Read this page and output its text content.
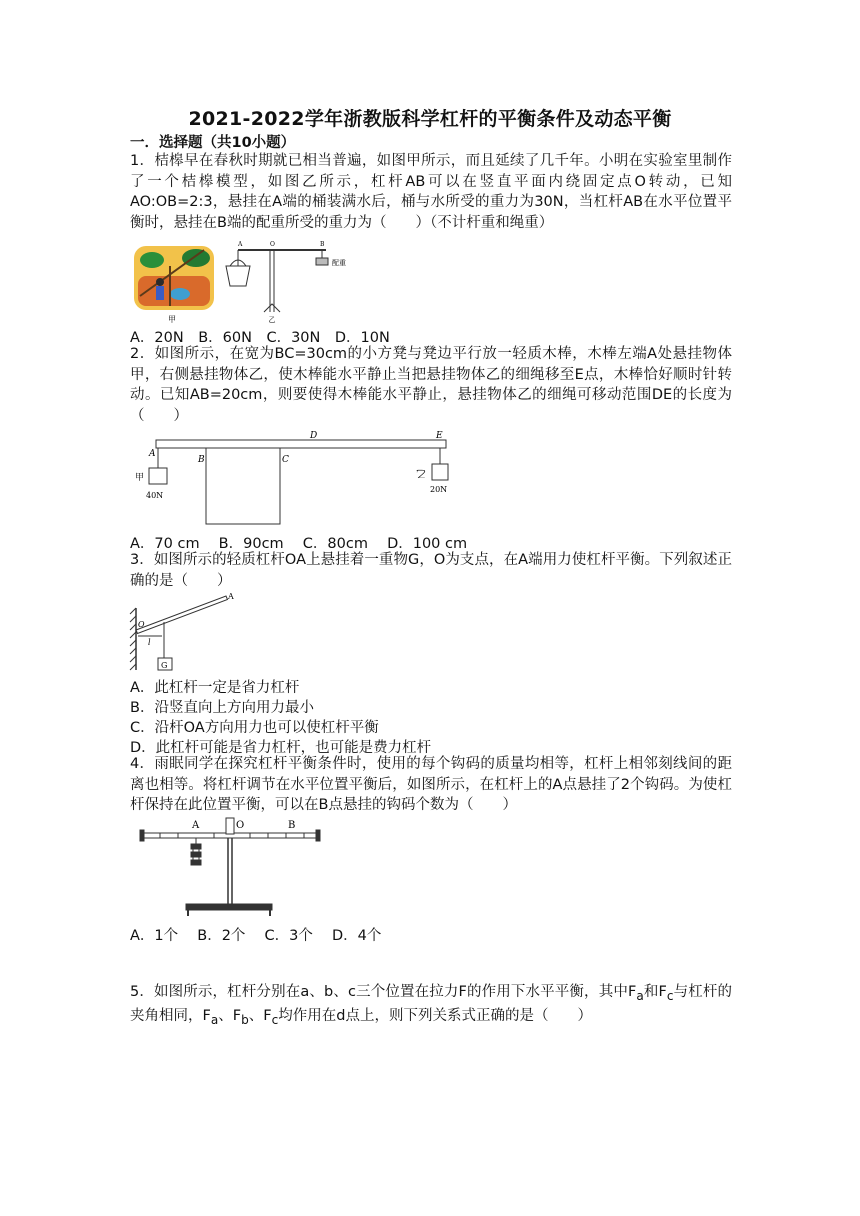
2021-2022学年浙教版科学杠杆的平衡条件及动态平衡
一．选择题（共10小题）
1．桔槔早在春秋时期就已相当普遍，如图甲所示，而且延续了几千年。小明在实验室里制作了一个桔槔模型，如图乙所示，杠杆AB可以在竖直平面内绕固定点O转动，已知AO:OB=2:3，悬挂在A端的桶装满水后，桶与水所受的重力为30N，当杠杆AB在水平位置平衡时，悬挂在B端的配重所受的重力为（　　）（不计杆重和绳重）
甲
A	O	B
配重
乙
A．20N　B．60N　C．30N　D．10N
2．如图所示，在宽为BC=30cm的小方凳与凳边平行放一轻质木棒，木棒左端A处悬挂物体甲，右侧悬挂物体乙，使木棒能水平静止当把悬挂物体乙的细绳移至E点，木棒恰好顺时针转动。已知AB=20cm，则要使得木棒能水平静止，悬挂物体乙的细绳可移动范围DE的长度为（　　）
A
B	C
D	E
甲
40N
乙
20N
A．70 cm　 B．90cm　 C．80cm　 D．100 cm
3．如图所示的轻质杠杆OA上悬挂着一重物G，O为支点，在A端用力使杠杆平衡。下列叙述正确的是（　　）
A
O
l
G
A．此杠杆一定是省力杠杆
B．沿竖直向上方向用力最小
C．沿杆OA方向用力也可以使杠杆平衡
D．此杠杆可能是省力杠杆，也可能是费力杠杆
4．雨眠同学在探究杠杆平衡条件时，使用的每个钩码的质量均相等，杠杆上相邻刻线间的距离也相等。将杠杆调节在水平位置平衡后，如图所示，在杠杆上的A点悬挂了2个钩码。为使杠杆保持在此位置平衡，可以在B点悬挂的钩码个数为（　　）
A	O	B
A．1个　 B．2个　 C．3个　 D．4个
5．如图所示，杠杆分别在a、b、c三个位置在拉力F的作用下水平平衡，其中$F_a$和$F_c$与杠杆的夹角相同，$F_a$、$F_b$、$F_c$均作用在d点上，则下列关系式正确的是（　　）
